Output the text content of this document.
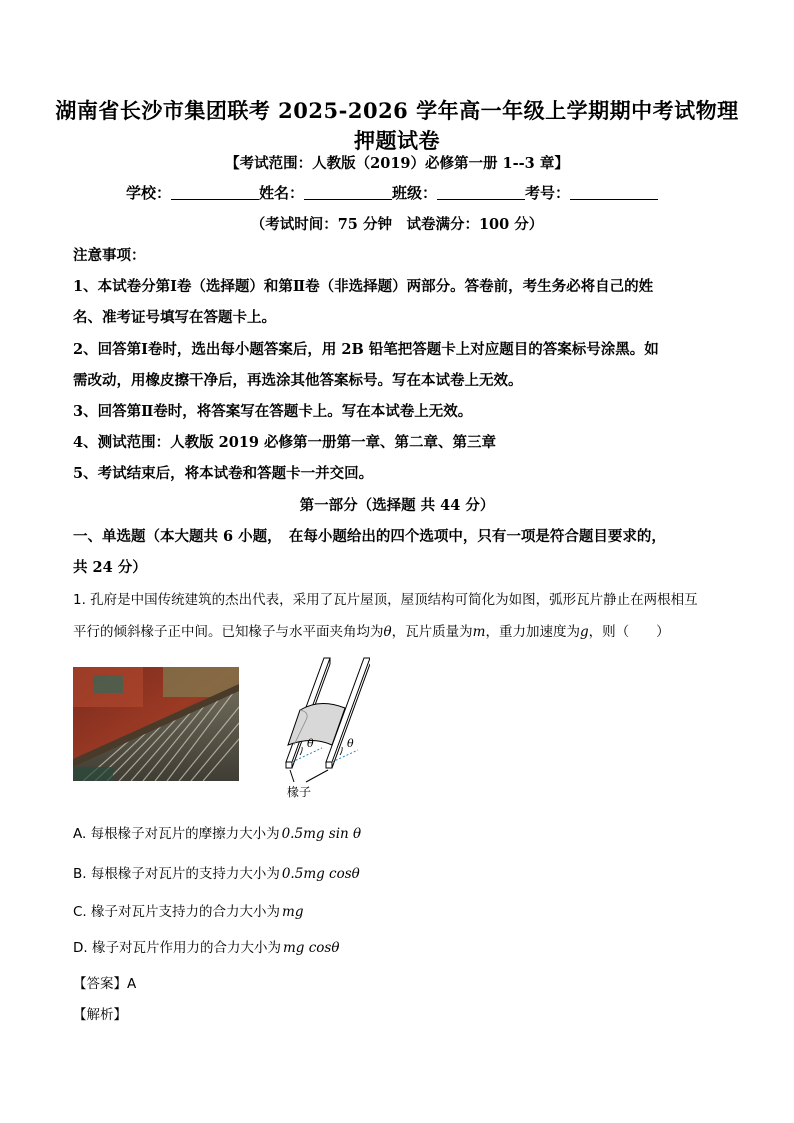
湖南省长沙市集团联考 2025-2026 学年高一年级上学期期中考试物理
押题试卷
【考试范围：人教版（2019）必修第一册 1--3 章】
学校：	姓名：	班级：	考号：
（考试时间：75 分钟　试卷满分：100 分）
注意事项：
1、本试卷分第Ⅰ卷（选择题）和第Ⅱ卷（非选择题）两部分。答卷前，考生务必将自己的姓
名、准考证号填写在答题卡上。
2、回答第Ⅰ卷时，选出每小题答案后，用 2B 铅笔把答题卡上对应题目的答案标号涂黑。如
需改动，用橡皮擦干净后，再选涂其他答案标号。写在本试卷上无效。
3、回答第Ⅱ卷时，将答案写在答题卡上。写在本试卷上无效。
4、测试范围：人教版 2019 必修第一册第一章、第二章、第三章
5、考试结束后，将本试卷和答题卡一并交回。
第一部分（选择题 共 44 分）
一、单选题（本大题共 6 小题，　在每小题给出的四个选项中，只有一项是符合题目要求的，
共 24 分）
1. 孔府是中国传统建筑的杰出代表，采用了瓦片屋顶，屋顶结构可简化为如图，弧形瓦片静止在两根相互
平行的倾斜椽子正中间。已知椽子与水平面夹角均为θ，瓦片质量为m，重力加速度为g，则（　　）
θ	θ
椽子
A. 每根椽子对瓦片的摩擦力大小为 0.5mg sin θ
B. 每根椽子对瓦片的支持力大小为 0.5mg cosθ
C. 椽子对瓦片支持力的合力大小为 mg
D. 椽子对瓦片作用力的合力大小为 mg cosθ
【答案】A
【解析】
